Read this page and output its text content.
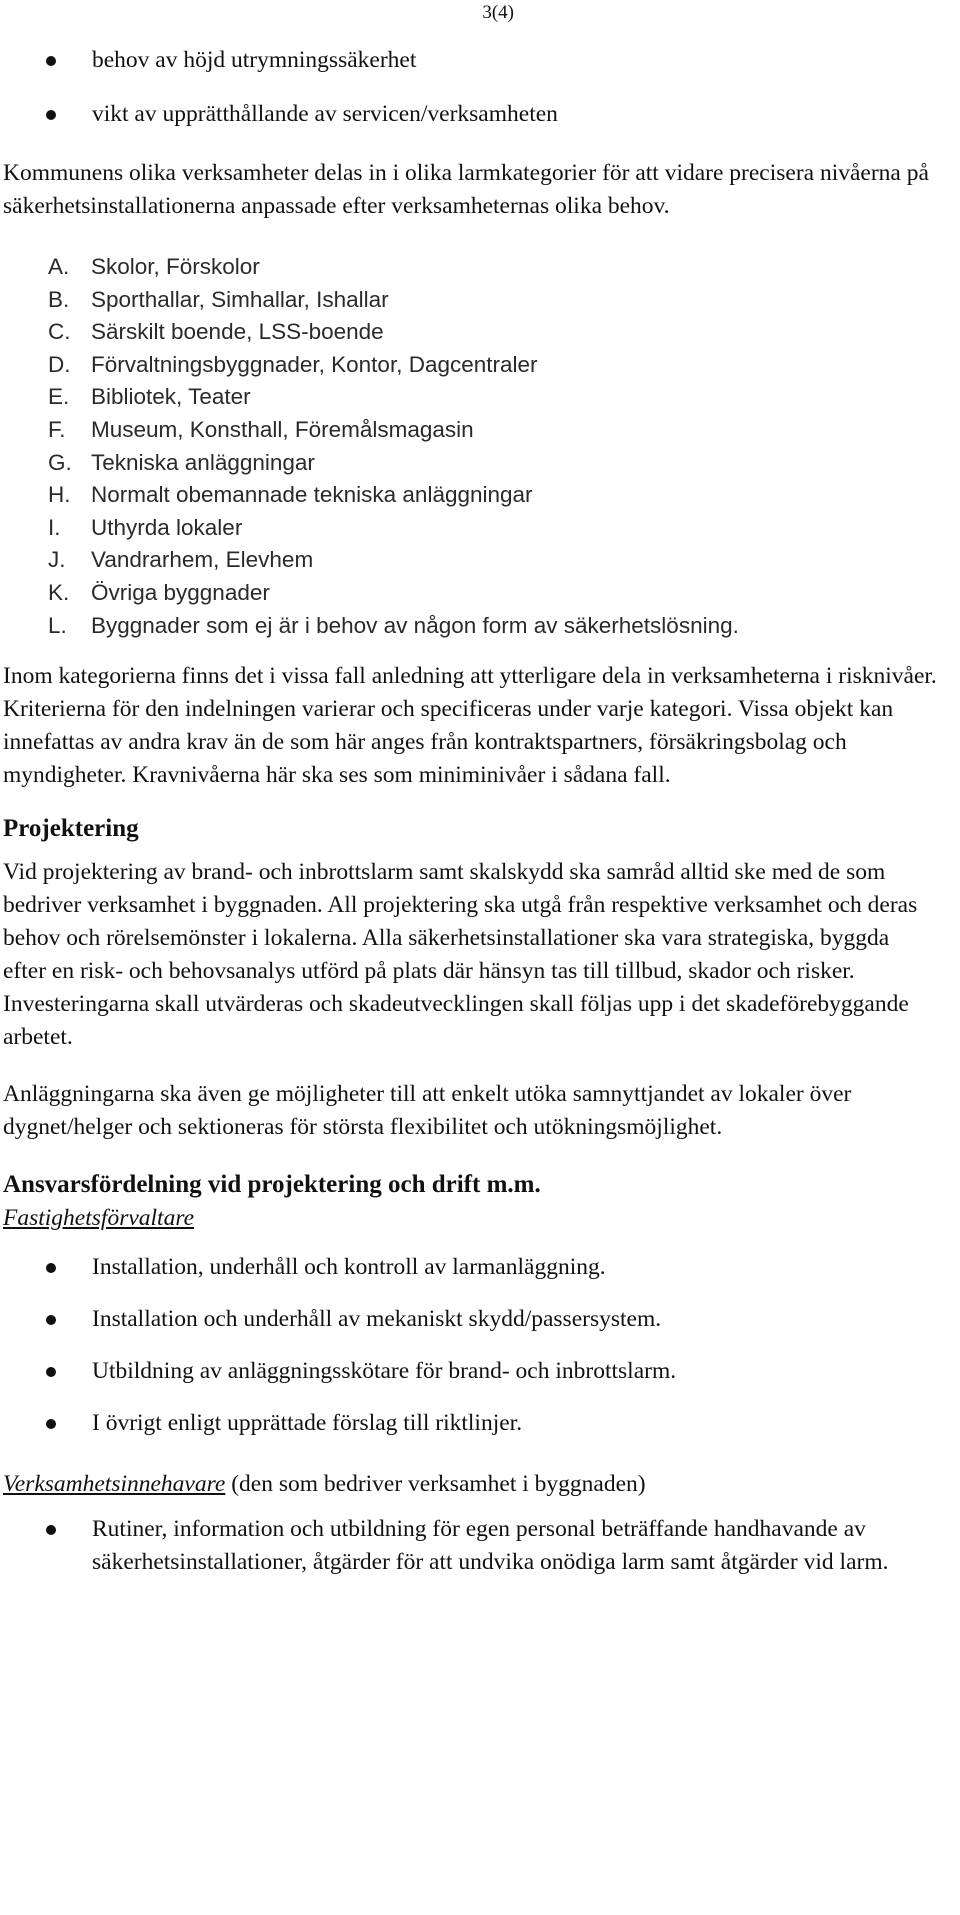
3(4)
behov av höjd utrymningssäkerhet
vikt av upprätthållande av servicen/verksamheten

Kommunens olika verksamheter delas in i olika larmkategorier för att vidare precisera nivåerna på säkerhetsinstallationerna anpassade efter verksamheternas olika behov.

A. Skolor, Förskolor
B. Sporthallar, Simhallar, Ishallar
C. Särskilt boende, LSS-boende
D. Förvaltningsbyggnader, Kontor, Dagcentraler
E. Bibliotek, Teater
F. Museum, Konsthall, Föremålsmagasin
G. Tekniska anläggningar
H. Normalt obemannade tekniska anläggningar
I. Uthyrda lokaler
J. Vandrarhem, Elevhem
K. Övriga byggnader
L. Byggnader som ej är i behov av någon form av säkerhetslösning.

Inom kategorierna finns det i vissa fall anledning att ytterligare dela in verksamheterna i risknivåer. Kriterierna för den indelningen varierar och specificeras under varje kategori. Vissa objekt kan innefattas av andra krav än de som här anges från kontraktspartners, försäkringsbolag och myndigheter. Kravnivåerna här ska ses som miniminivåer i sådana fall.

Projektering

Vid projektering av brand- och inbrottslarm samt skalskydd ska samråd alltid ske med de som bedriver verksamhet i byggnaden. All projektering ska utgå från respektive verksamhet och deras behov och rörelsemönster i lokalerna. Alla säkerhetsinstallationer ska vara strategiska, byggda efter en risk- och behovsanalys utförd på plats där hänsyn tas till tillbud, skador och risker. Investeringarna skall utvärderas och skadeutvecklingen skall följas upp i det skadeförebyggande arbetet.

Anläggningarna ska även ge möjligheter till att enkelt utöka samnyttjandet av lokaler över dygnet/helger och sektioneras för största flexibilitet och utökningsmöjlighet.

Ansvarsfördelning vid projektering och drift m.m.

Fastighetsförvaltare

Installation, underhåll och kontroll av larmanläggning.
Installation och underhåll av mekaniskt skydd/passersystem.
Utbildning av anläggningsskötare för brand- och inbrottslarm.
I övrigt enligt upprättade förslag till riktlinjer.

Verksamhetsinnehavare (den som bedriver verksamhet i byggnaden)

Rutiner, information och utbildning för egen personal beträffande handhavande av säkerhetsinstallationer, åtgärder för att undvika onödiga larm samt åtgärder vid larm.
